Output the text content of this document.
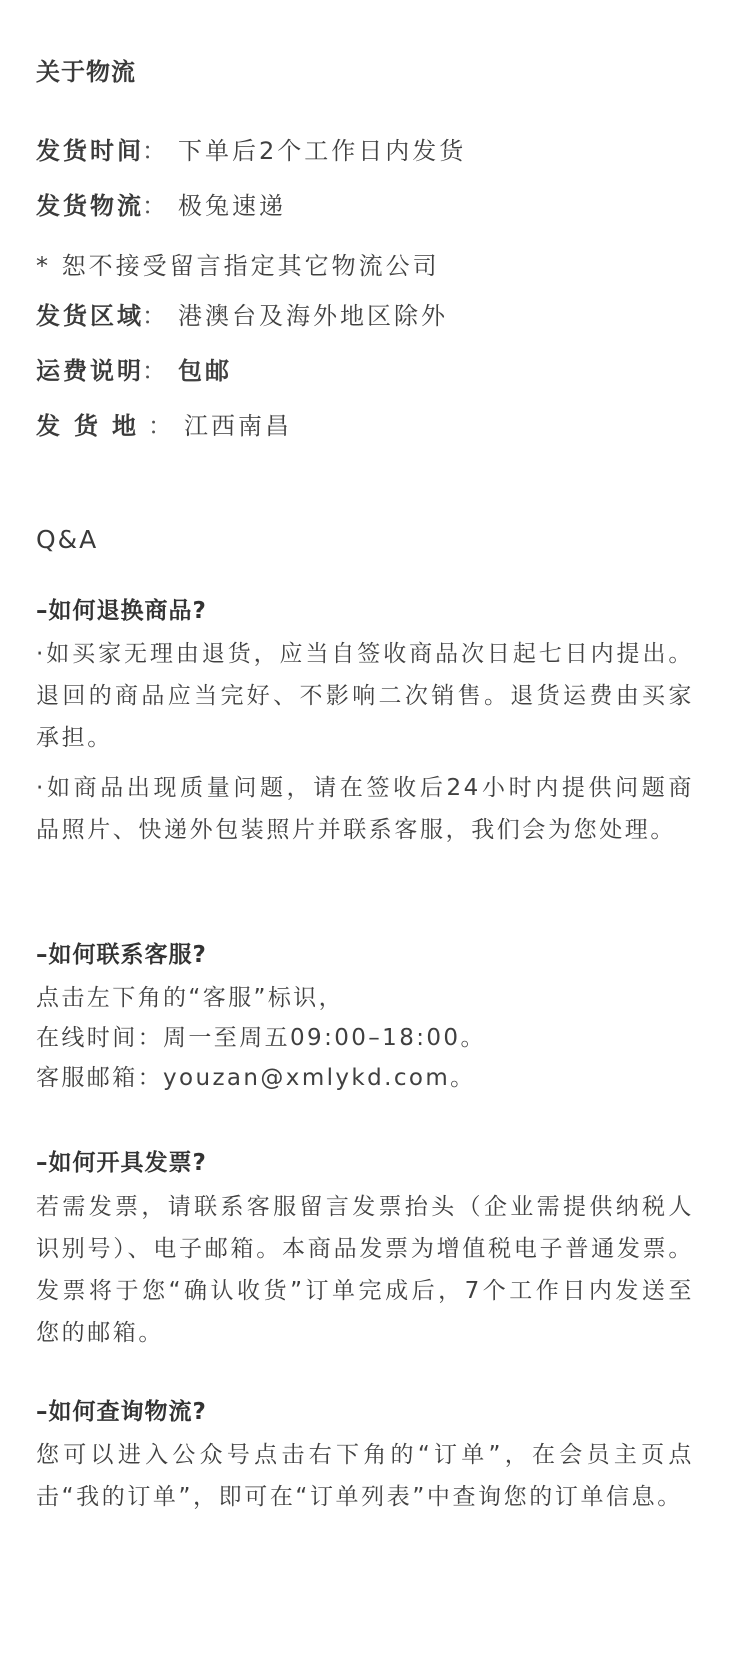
关于物流
发货时间： 下单后2个工作日内发货
发货物流： 极兔速递
* 恕不接受留言指定其它物流公司
发货区域： 港澳台及海外地区除外
运费说明： 包邮
发货地： 江西南昌
Q&A
–如何退换商品?
·如买家无理由退货，应当自签收商品次日起七日内提出。退回的商品应当完好、不影响二次销售。退货运费由买家承担。
·如商品出现质量问题，请在签收后24小时内提供问题商品照片、快递外包装照片并联系客服，我们会为您处理。
–如何联系客服?
点击左下角的“客服”标识，
在线时间：周一至周五09:00–18:00。
客服邮箱：youzan@xmlykd.com。
–如何开具发票?
若需发票，请联系客服留言发票抬头（企业需提供纳税人识别号）、电子邮箱。本商品发票为增值税电子普通发票。发票将于您“确认收货”订单完成后，7个工作日内发送至您的邮箱。
–如何查询物流?
您可以进入公众号点击右下角的“订单”，在会员主页点击“我的订单”，即可在“订单列表”中查询您的订单信息。
